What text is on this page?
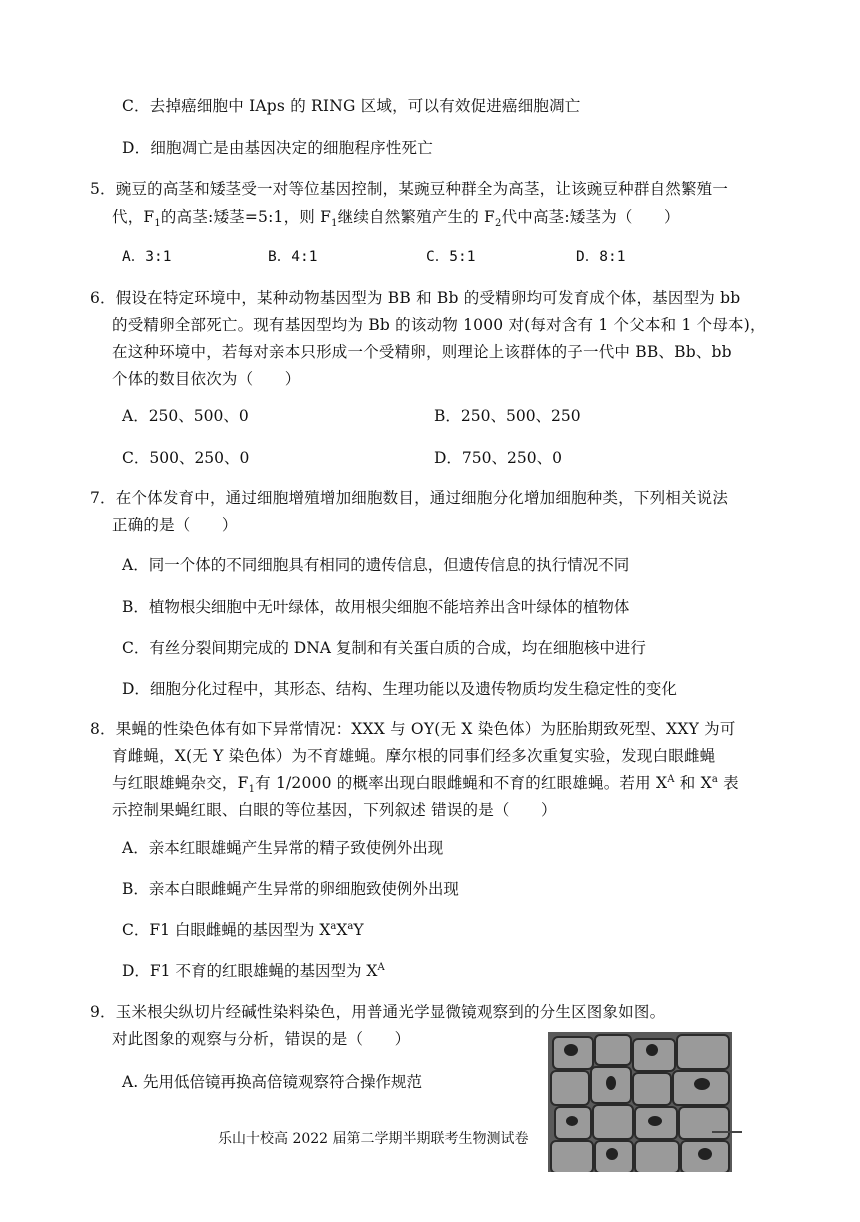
C．去掉癌细胞中 IAps 的 RING 区域，可以有效促进癌细胞凋亡
D．细胞凋亡是由基因决定的细胞程序性死亡
5．豌豆的高茎和矮茎受一对等位基因控制，某豌豆种群全为高茎，让该豌豆种群自然繁殖一
代，$F_1$的高茎:矮茎=5:1，则 $F_1$继续自然繁殖产生的 $F_2$代中高茎:矮茎为（　　）
A．3:1	B．4:1	C．5:1	D．8:1
6．假设在特定环境中，某种动物基因型为 BB 和 Bb 的受精卵均可发育成个体，基因型为 bb
的受精卵全部死亡。现有基因型均为 Bb 的该动物 1000 对(每对含有 1 个父本和 1 个母本)，
在这种环境中，若每对亲本只形成一个受精卵，则理论上该群体的子一代中 BB、Bb、bb
个体的数目依次为（　　）
A．250、500、0	B．250、500、250
C．500、250、0	D．750、250、0
7．在个体发育中，通过细胞增殖增加细胞数目，通过细胞分化增加细胞种类，下列相关说法
正确的是（　　）
A．同一个体的不同细胞具有相同的遗传信息，但遗传信息的执行情况不同
B．植物根尖细胞中无叶绿体，故用根尖细胞不能培养出含叶绿体的植物体
C．有丝分裂间期完成的 DNA 复制和有关蛋白质的合成，均在细胞核中进行
D．细胞分化过程中，其形态、结构、生理功能以及遗传物质均发生稳定性的变化
8．果蝇的性染色体有如下异常情况：XXX 与 OY(无 X 染色体）为胚胎期致死型、XXY 为可
育雌蝇，X(无 Y 染色体）为不育雄蝇。摩尔根的同事们经多次重复实验，发现白眼雌蝇
与红眼雄蝇杂交，$F_1$有 1/2000 的概率出现白眼雌蝇和不育的红眼雄蝇。若用 $X^A$ 和 $X^a$ 表
示控制果蝇红眼、白眼的等位基因，下列叙述 错误的是（　　）
A．亲本红眼雄蝇产生异常的精子致使例外出现
B．亲本白眼雌蝇产生异常的卵细胞致使例外出现
C．F1 白眼雌蝇的基因型为 $X^aX^aY$
D．F1 不育的红眼雄蝇的基因型为 $X^A$
9．玉米根尖纵切片经碱性染料染色，用普通光学显微镜观察到的分生区图象如图。
对此图象的观察与分析，错误的是（　　）
A. 先用低倍镜再换高倍镜观察符合操作规范
乐山十校高 2022 届第二学期半期联考生物测试卷
